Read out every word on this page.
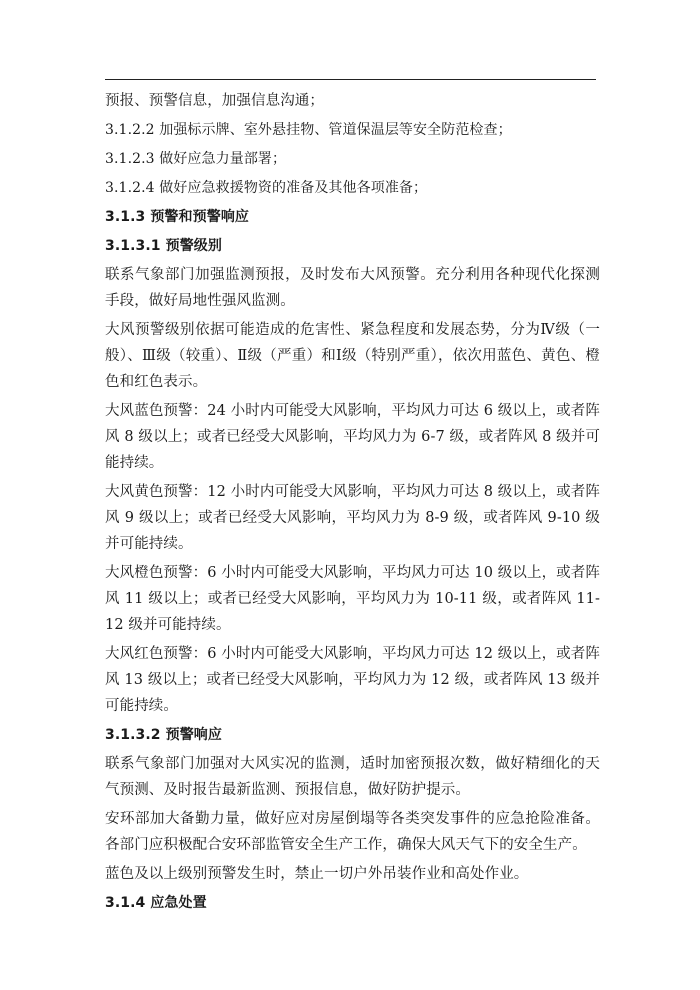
预报、预警信息，加强信息沟通；

3.1.2.2 加强标示牌、室外悬挂物、管道保温层等安全防范检查；

3.1.2.3 做好应急力量部署；

3.1.2.4 做好应急救援物资的准备及其他各项准备；

3.1.3 预警和预警响应

3.1.3.1 预警级别

联系气象部门加强监测预报，及时发布大风预警。充分利用各种现代化探测手段，做好局地性强风监测。

大风预警级别依据可能造成的危害性、紧急程度和发展态势，分为Ⅳ级（一般）、Ⅲ级（较重）、Ⅱ级（严重）和Ⅰ级（特别严重），依次用蓝色、黄色、橙色和红色表示。

大风蓝色预警：24 小时内可能受大风影响，平均风力可达 6 级以上，或者阵风 8 级以上；或者已经受大风影响，平均风力为 6-7 级，或者阵风 8 级并可能持续。

大风黄色预警：12 小时内可能受大风影响，平均风力可达 8 级以上，或者阵风 9 级以上；或者已经受大风影响，平均风力为 8-9 级，或者阵风 9-10 级并可能持续。

大风橙色预警：6 小时内可能受大风影响，平均风力可达 10 级以上，或者阵风 11 级以上；或者已经受大风影响，平均风力为 10-11 级，或者阵风 11-12 级并可能持续。

大风红色预警：6 小时内可能受大风影响，平均风力可达 12 级以上，或者阵风 13 级以上；或者已经受大风影响，平均风力为 12 级，或者阵风 13 级并可能持续。

3.1.3.2 预警响应

联系气象部门加强对大风实况的监测，适时加密预报次数，做好精细化的天气预测、及时报告最新监测、预报信息，做好防护提示。

安环部加大备勤力量，做好应对房屋倒塌等各类突发事件的应急抢险准备。各部门应积极配合安环部监管安全生产工作，确保大风天气下的安全生产。

蓝色及以上级别预警发生时，禁止一切户外吊装作业和高处作业。

3.1.4 应急处置
